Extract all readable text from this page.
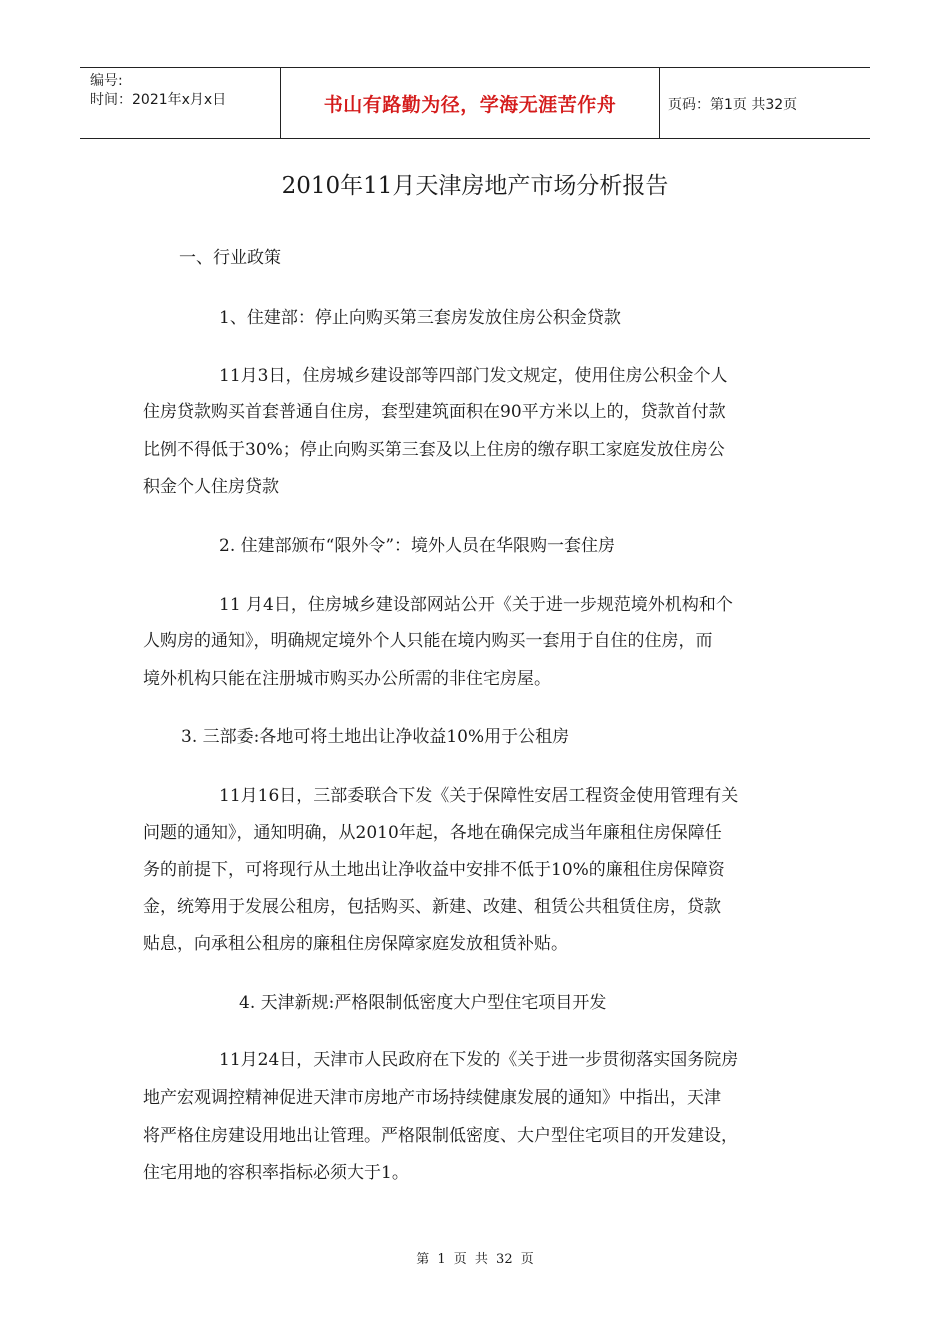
编号:
时间：2021年x月x日	书山有路勤为径，学海无涯苦作舟	页码：第1页 共32页
2010年11月天津房地产市场分析报告
一、行业政策
1、住建部：停止向购买第三套房发放住房公积金贷款
11月3日，住房城乡建设部等四部门发文规定，使用住房公积金个人
住房贷款购买首套普通自住房，套型建筑面积在90平方米以上的，贷款首付款
比例不得低于30%；停止向购买第三套及以上住房的缴存职工家庭发放住房公
积金个人住房贷款
2. 住建部颁布“限外令”：境外人员在华限购一套住房
11 月4日，住房城乡建设部网站公开《关于进一步规范境外机构和个
人购房的通知》，明确规定境外个人只能在境内购买一套用于自住的住房，而
境外机构只能在注册城市购买办公所需的非住宅房屋。
3. 三部委:各地可将土地出让净收益10%用于公租房
11月16日，三部委联合下发《关于保障性安居工程资金使用管理有关
问题的通知》，通知明确，从2010年起，各地在确保完成当年廉租住房保障任
务的前提下，可将现行从土地出让净收益中安排不低于10%的廉租住房保障资
金，统筹用于发展公租房，包括购买、新建、改建、租赁公共租赁住房，贷款
贴息，向承租公租房的廉租住房保障家庭发放租赁补贴。
4. 天津新规:严格限制低密度大户型住宅项目开发
11月24日，天津市人民政府在下发的《关于进一步贯彻落实国务院房
地产宏观调控精神促进天津市房地产市场持续健康发展的通知》中指出，天津
将严格住房建设用地出让管理。严格限制低密度、大户型住宅项目的开发建设，
住宅用地的容积率指标必须大于1。
第 1 页 共 32 页
